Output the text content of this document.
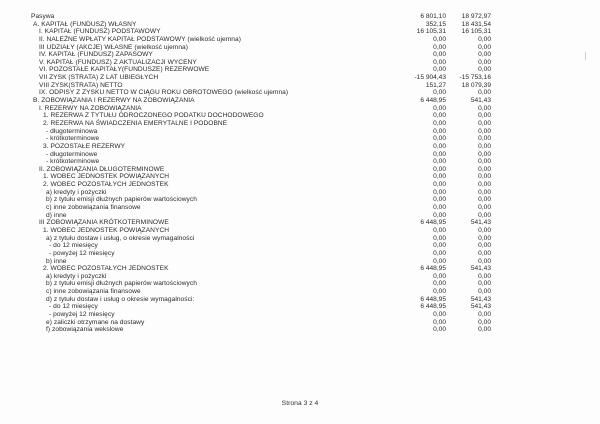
Pasywa	6 801,10	18 972,97
A. KAPITAŁ (FUNDUSZ) WŁASNY	352,15	18 431,54
I. KAPITAŁ (FUNDUSZ) PODSTAWOWY	16 105,31	16 105,31
II. NALEŻNE WPŁATY KAPITAŁ PODSTAWOWY (wielkość ujemna)	0,00	0,00
III UDZIAŁY (AKCJE) WŁASNE (wielkość ujemna)	0,00	0,00
IV. KAPITAŁ (FUNDUSZ) ZAPASOWY	0,00	0,00
V. KAPITAŁ (FUNDUSZ) Z AKTUALIZACJI WYCENY	0,00	0,00
VI. POZOSTAŁE KAPITAŁY(FUNDUSZE) REZERWOWE	0,00	0,00
VII ZYSK (STRATA) Z LAT UBIEGŁYCH	-15 904,43	-15 753,16
VIII ZYSK(STRATA) NETTO	151,27	18 079,39
IX. ODPISY Z ZYSKU NETTO W CIĄGU ROKU OBROTOWEGO (wielkość ujemna)	0,00	0,00
B. ZOBOWIĄZANIA I REZERWY NA ZOBOWIĄZANIA	6 448,95	541,43
I. REZERWY NA ZOBOWIĄZANIA	0,00	0,00
1. REZERWA Z TYTUŁU ODROCZONEGO PODATKU DOCHODOWEGO	0,00	0,00
2. REZERWA NA ŚWIADCZENIA EMERYTALNE I PODOBNE	0,00	0,00
- długoterminowa	0,00	0,00
- krótkoterminowe	0,00	0,00
3. POZOSTAŁE REZERWY	0,00	0,00
- długoterminowe	0,00	0,00
- krótkoterminowe	0,00	0,00
II. ZOBOWIĄZANIA DŁUGOTERMINOWE	0,00	0,00
1. WOBEC JEDNOSTEK POWIĄZANYCH	0,00	0,00
2. WOBEC POZOSTAŁYCH JEDNOSTEK	0,00	0,00
a) kredyty i pożyczki	0,00	0,00
b) z tytułu emisji dłużnych papierów wartościowych	0,00	0,00
c) inne zobowiązania finansowe	0,00	0,00
d) inne	0,00	0,00
III ZOBOWIĄZANIA KRÓTKOTERMINOWE	6 448,95	541,43
1. WOBEC JEDNOSTEK POWIĄZANYCH	0,00	0,00
a) z tytułu dostaw i usług, o okresie wymagalności	0,00	0,00
- do 12 miesięcy	0,00	0,00
- powyżej 12 miesięcy	0,00	0,00
b) inne	0,00	0,00
2. WOBEC POZOSTAŁYCH JEDNOSTEK	6 448,95	541,43
a) kredyty i pożyczki	0,00	0,00
b) z tytułu emisji dłużnych papierów wartościowych	0,00	0,00
c) inne zobowiązania finansowe	0,00	0,00
d) z tytułu dostaw i usług o okresie wymagalności:	6 448,95	541,43
- do 12 miesięcy	6 448,95	541,43
- powyżej 12 miesięcy	0,00	0,00
e) zaliczki otrzymane na dostawy	0,00	0,00
f) zobowiązania wekslowe	0,00	0,00
Strona 3 z 4
